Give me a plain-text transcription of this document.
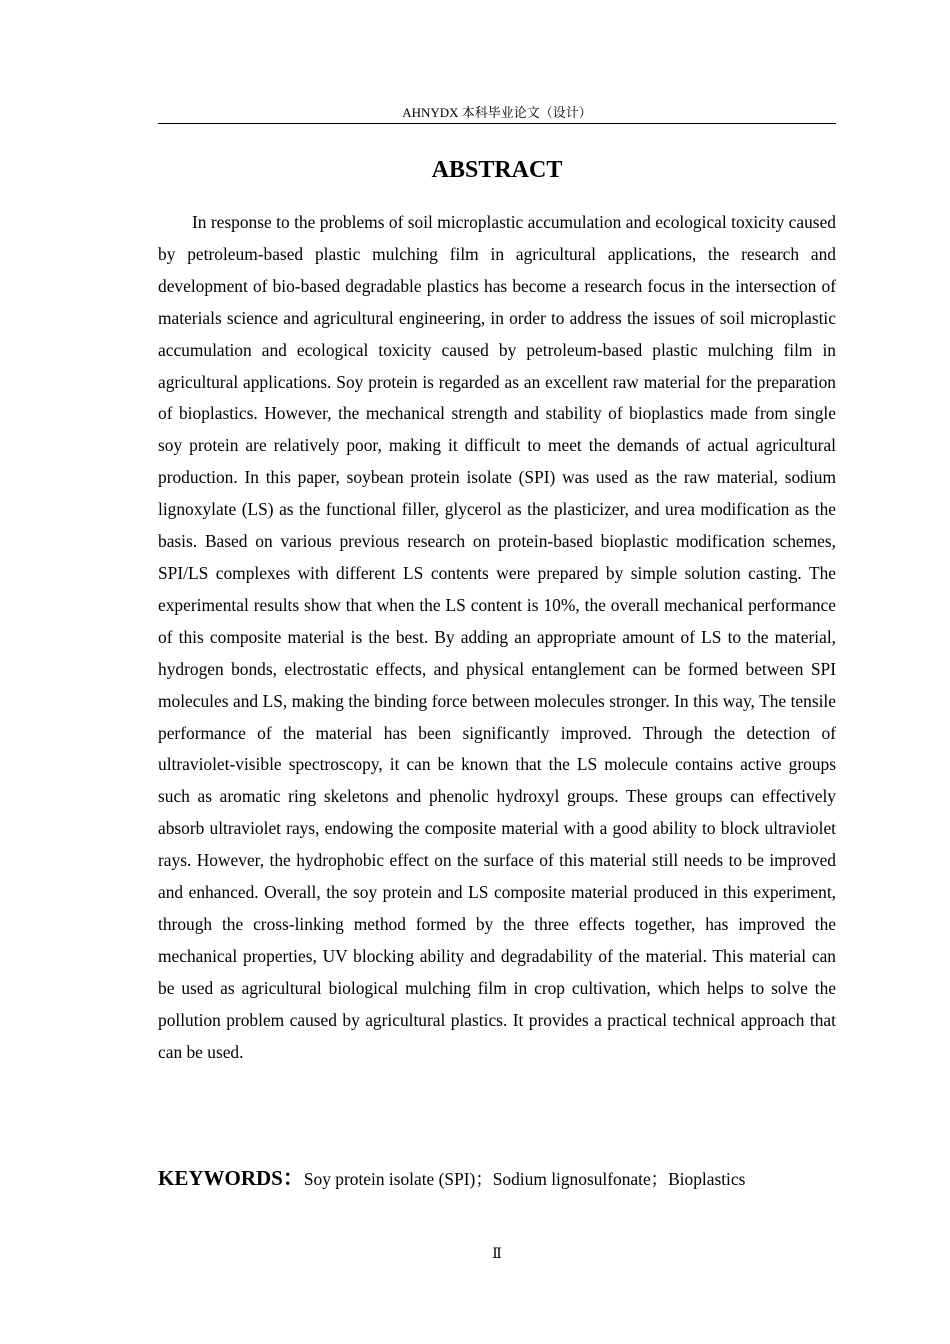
AHNYDX 本科毕业论文（设计）
ABSTRACT

In response to the problems of soil microplastic accumulation and ecological toxicity caused by petroleum-based plastic mulching film in agricultural applications, the research and development of bio-based degradable plastics has become a research focus in the intersection of materials science and agricultural engineering, in order to address the issues of soil microplastic accumulation and ecological toxicity caused by petroleum-based plastic mulching film in agricultural applications. Soy protein is regarded as an excellent raw material for the preparation of bioplastics. However, the mechanical strength and stability of bioplastics made from single soy protein are relatively poor, making it difficult to meet the demands of actual agricultural production. In this paper, soybean protein isolate (SPI) was used as the raw material, sodium lignoxylate (LS) as the functional filler, glycerol as the plasticizer, and urea modification as the basis. Based on various previous research on protein-based bioplastic modification schemes, SPI/LS complexes with different LS contents were prepared by simple solution casting. The experimental results show that when the LS content is 10%, the overall mechanical performance of this composite material is the best. By adding an appropriate amount of LS to the material, hydrogen bonds, electrostatic effects, and physical entanglement can be formed between SPI molecules and LS, making the binding force between molecules stronger. In this way, The tensile performance of the material has been significantly improved. Through the detection of ultraviolet-visible spectroscopy, it can be known that the LS molecule contains active groups such as aromatic ring skeletons and phenolic hydroxyl groups. These groups can effectively absorb ultraviolet rays, endowing the composite material with a good ability to block ultraviolet rays. However, the hydrophobic effect on the surface of this material still needs to be improved and enhanced. Overall, the soy protein and LS composite material produced in this experiment, through the cross-linking method formed by the three effects together, has improved the mechanical properties, UV blocking ability and degradability of the material. This material can be used as agricultural biological mulching film in crop cultivation, which helps to solve the pollution problem caused by agricultural plastics. It provides a practical technical approach that can be used.

KEYWORDS：Soy protein isolate (SPI)；Sodium lignosulfonate；Bioplastics
Ⅱ
